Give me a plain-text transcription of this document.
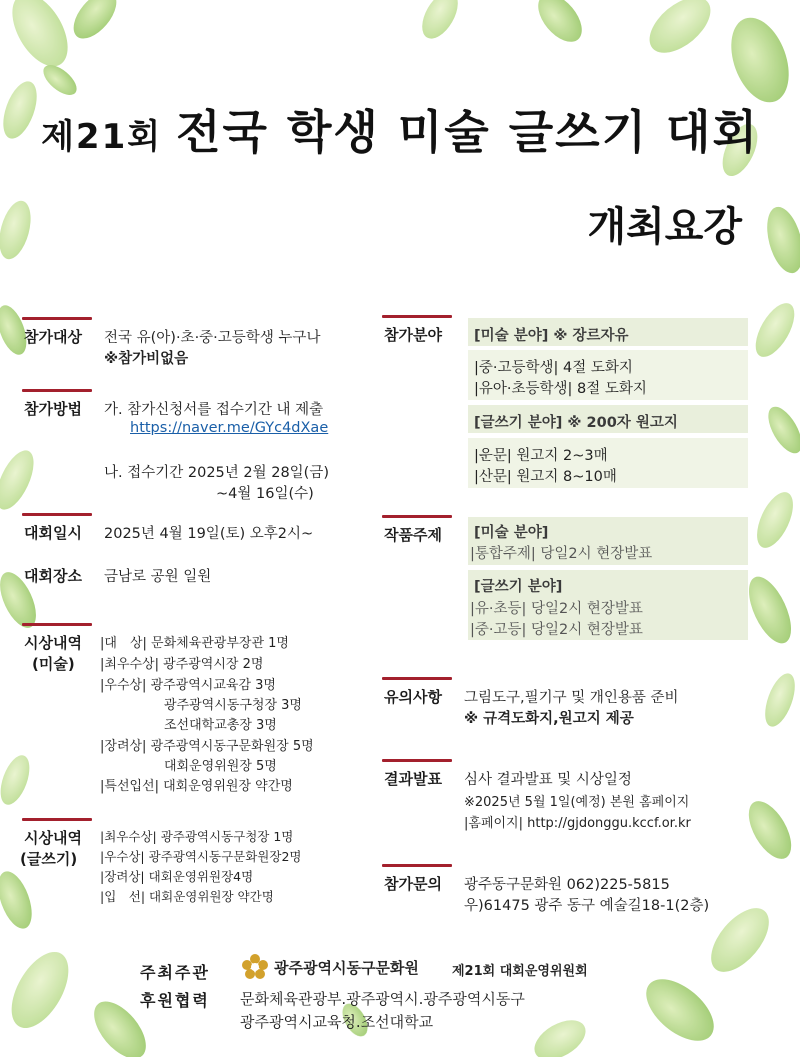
제21회 전국 학생 미술 글쓰기 대회
개최요강
참가대상 전국 유(아)·초·중·고등학생 누구나
※참가비없음
참가방법 가. 참가신청서를 접수기간 내 제출
https://naver.me/GYc4dXae
나. 접수기간 2025년 2월 28일(금)
~4월 16일(수)
대회일시 2025년 4월 19일(토) 오후2시~
대회장소 금남로 공원 일원
시상내역
(미술)
|대　상| 문화체육관광부장관 1명
|최우수상| 광주광역시장 2명
|우수상| 광주광역시교육감 3명
광주광역시동구청장 3명
조선대학교총장 3명
|장려상| 광주광역시동구문화원장 5명
대회운영위원장 5명
|특선입선| 대회운영위원장 약간명
시상내역
(글쓰기)
|최우수상| 광주광역시동구청장 1명
|우수상| 광주광역시동구문화원장2명
|장려상| 대회운영위원장4명
|입　선| 대회운영위원장 약간명
참가분야 [미술 분야] ※ 장르자유
|중·고등학생| 4절 도화지
|유아·초등학생| 8절 도화지
[글쓰기 분야] ※ 200자 원고지
|운문| 원고지 2~3매
|산문| 원고지 8~10매
작품주제 [미술 분야]
|통합주제| 당일2시 현장발표
[글쓰기 분야]
|유·초등| 당일2시 현장발표
|중·고등| 당일2시 현장발표
유의사항 그림도구,필기구 및 개인용품 준비
※ 규격도화지,원고지 제공
결과발표 심사 결과발표 및 시상일정
※2025년 5월 1일(예정) 본원 홈페이지
|홈페이지| http://gjdonggu.kccf.or.kr
참가문의 광주동구문화원 062)225-5815
우)61475 광주 동구 예술길18-1(2층)
주최주관	광주광역시동구문화원	제21회 대회운영위원회
후원협력 문화체육관광부.광주광역시.광주광역시동구
광주광역시교육청.조선대학교
